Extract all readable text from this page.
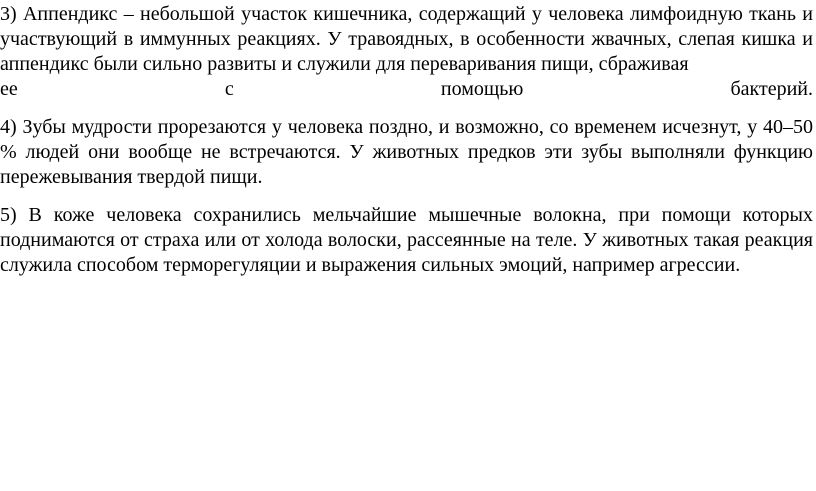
3) Аппендикс – небольшой участок кишечника, содержащий у человека лимфоидную ткань и участвующий в иммунных реакциях. У травоядных, в особенности жвачных, слепая кишка и аппендикс были сильно развиты и служили для переваривания пищи, сбраживая

ее с помощью бактерий.

4) Зубы мудрости прорезаются у человека поздно, и возможно, со временем исчезнут, у 40–50 % людей они вообще не встречаются. У животных предков эти зубы выполняли функцию пережевывания твердой пищи.

5) В коже человека сохранились мельчайшие мышечные волокна, при помощи которых поднимаются от страха или от холода волоски, рассеянные на теле. У животных такая реакция служила способом терморегуляции и выражения сильных эмоций, например агрессии.
